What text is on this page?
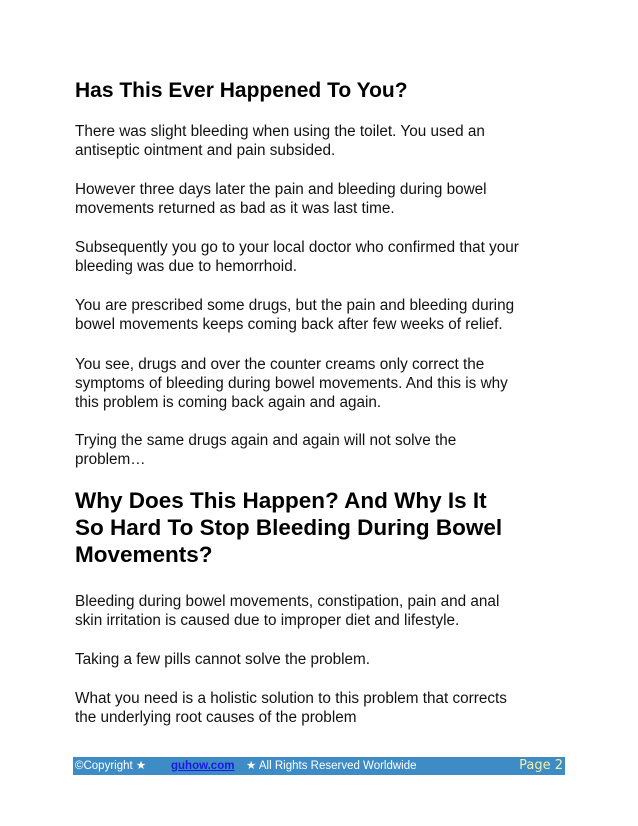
Has This Ever Happened To You?

There was slight bleeding when using the toilet. You used an
antiseptic ointment and pain subsided.

However three days later the pain and bleeding during bowel
movements returned as bad as it was last time.

Subsequently you go to your local doctor who confirmed that your
bleeding was due to hemorrhoid.

You are prescribed some drugs, but the pain and bleeding during
bowel movements keeps coming back after few weeks of relief.

You see, drugs and over the counter creams only correct the
symptoms of bleeding during bowel movements. And this is why
this problem is coming back again and again.

Trying the same drugs again and again will not solve the
problem…

Why Does This Happen? And Why Is It
So Hard To Stop Bleeding During Bowel
Movements?

Bleeding during bowel movements, constipation, pain and anal
skin irritation is caused due to improper diet and lifestyle.

Taking a few pills cannot solve the problem.

What you need is a holistic solution to this problem that corrects
the underlying root causes of the problem

©Copyright ★ guhow.com ★ All Rights Reserved Worldwide	Page 2
